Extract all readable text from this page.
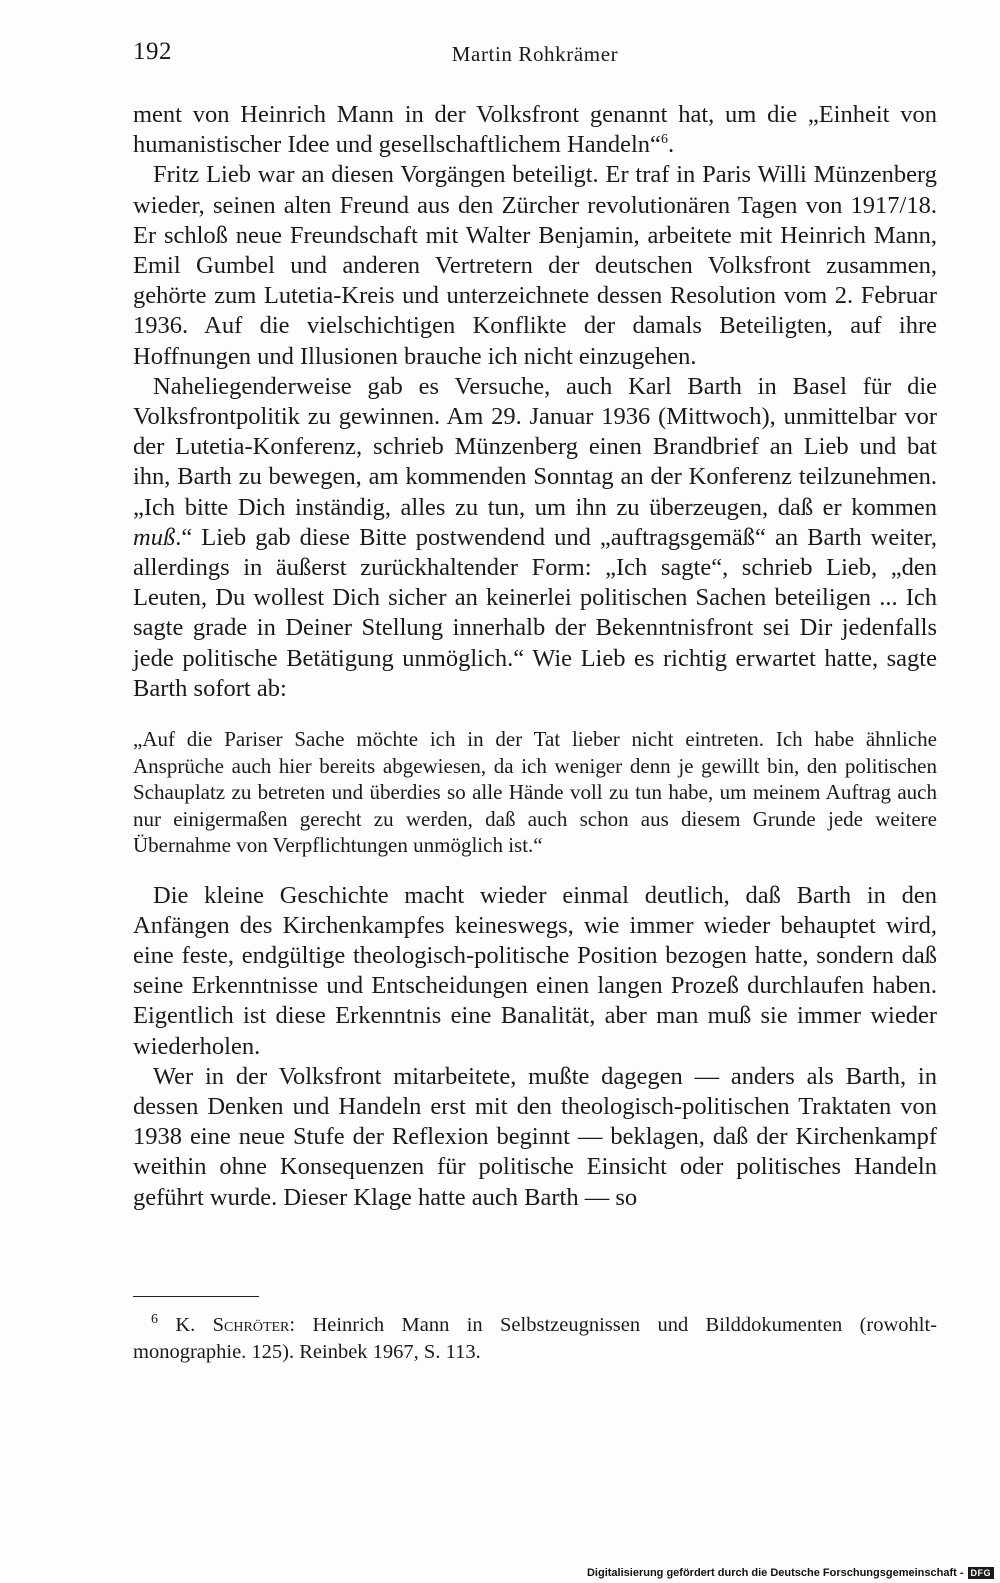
192	Martin Rohkrämer

ment von Heinrich Mann in der Volksfront genannt hat, um die „Einheit von humanistischer Idee und gesellschaftlichem Handeln“$^6$.

Fritz Lieb war an diesen Vorgängen beteiligt. Er traf in Paris Willi Münzenberg wieder, seinen alten Freund aus den Zürcher revolutionären Tagen von 1917/18. Er schloß neue Freundschaft mit Walter Benjamin, arbeitete mit Heinrich Mann, Emil Gumbel und anderen Vertretern der deutschen Volksfront zusammen, gehörte zum Lutetia-Kreis und unterzeichnete dessen Resolution vom 2. Februar 1936. Auf die vielschichtigen Konflikte der damals Beteiligten, auf ihre Hoffnungen und Illusionen brauche ich nicht einzugehen.

Naheliegenderweise gab es Versuche, auch Karl Barth in Basel für die Volksfrontpolitik zu gewinnen. Am 29. Januar 1936 (Mittwoch), unmittelbar vor der Lutetia-Konferenz, schrieb Münzenberg einen Brandbrief an Lieb und bat ihn, Barth zu bewegen, am kommenden Sonntag an der Konferenz teilzunehmen. „Ich bitte Dich inständig, alles zu tun, um ihn zu überzeugen, daß er kommen muß.“ Lieb gab diese Bitte postwendend und „auftragsgemäß“ an Barth weiter, allerdings in äußerst zurückhaltender Form: „Ich sagte“, schrieb Lieb, „den Leuten, Du wollest Dich sicher an keinerlei politischen Sachen beteiligen ... Ich sagte grade in Deiner Stellung innerhalb der Bekenntnisfront sei Dir jedenfalls jede politische Betätigung unmöglich.“ Wie Lieb es richtig erwartet hatte, sagte Barth sofort ab:

„Auf die Pariser Sache möchte ich in der Tat lieber nicht eintreten. Ich habe ähnliche Ansprüche auch hier bereits abgewiesen, da ich weniger denn je gewillt bin, den politischen Schauplatz zu betreten und überdies so alle Hände voll zu tun habe, um meinem Auftrag auch nur einigermaßen gerecht zu werden, daß auch schon aus diesem Grunde jede weitere Übernahme von Verpflichtungen unmöglich ist.“

Die kleine Geschichte macht wieder einmal deutlich, daß Barth in den Anfängen des Kirchenkampfes keineswegs, wie immer wieder behauptet wird, eine feste, endgültige theologisch-politische Position bezogen hatte, sondern daß seine Erkenntnisse und Entscheidungen einen langen Prozeß durchlaufen haben. Eigentlich ist diese Erkenntnis eine Banalität, aber man muß sie immer wieder wiederholen.

Wer in der Volksfront mitarbeitete, mußte dagegen — anders als Barth, in dessen Denken und Handeln erst mit den theologisch-politischen Traktaten von 1938 eine neue Stufe der Reflexion beginnt — beklagen, daß der Kirchenkampf weithin ohne Konsequenzen für politische Einsicht oder politisches Handeln geführt wurde. Dieser Klage hatte auch Barth — so

$^6$ K. Schröter: Heinrich Mann in Selbstzeugnissen und Bilddokumenten (rowohlt-monographie. 125). Reinbek 1967, S. 113.
Digitalisierung gefördert durch die Deutsche Forschungsgemeinschaft - DFG
